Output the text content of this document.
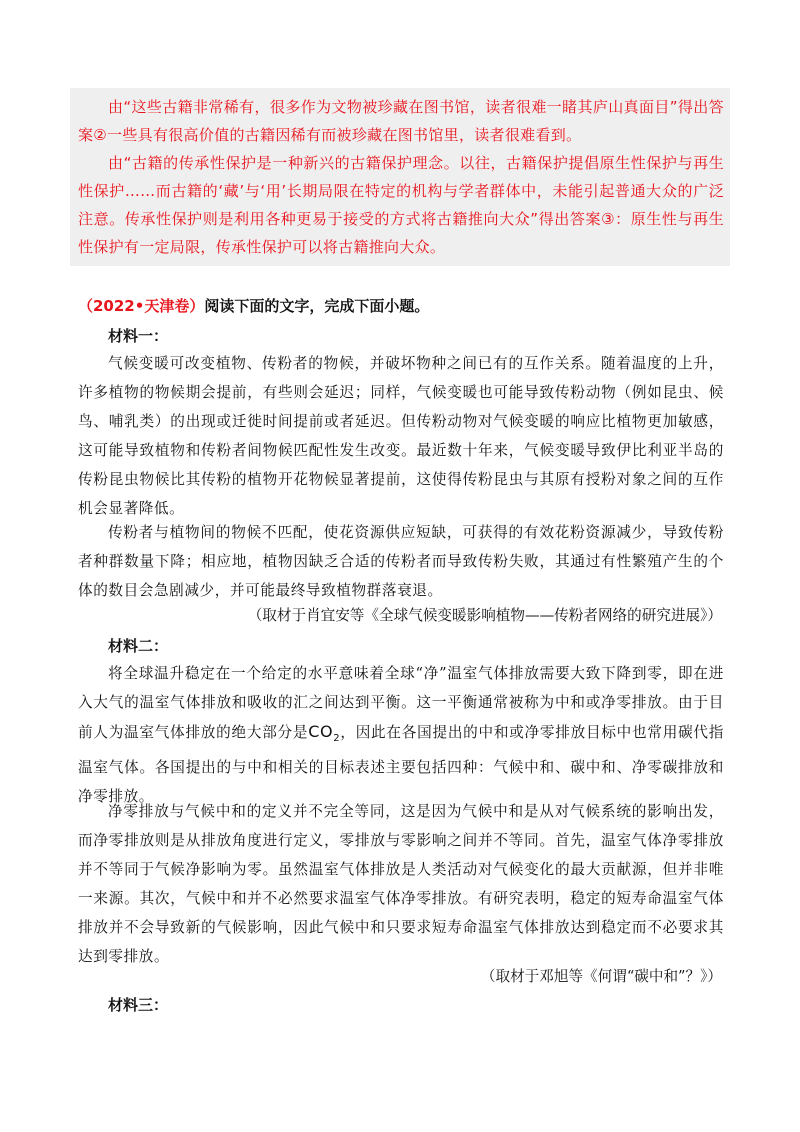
由“这些古籍非常稀有，很多作为文物被珍藏在图书馆，读者很难一睹其庐山真面目”得出答案②一些具有很高价值的古籍因稀有而被珍藏在图书馆里，读者很难看到。

由“古籍的传承性保护是一种新兴的古籍保护理念。以往，古籍保护提倡原生性保护与再生性保护……而古籍的‘藏’与‘用’长期局限在特定的机构与学者群体中，未能引起普通大众的广泛注意。传承性保护则是利用各种更易于接受的方式将古籍推向大众”得出答案③：原生性与再生性保护有一定局限，传承性保护可以将古籍推向大众。

（2022•天津卷）阅读下面的文字，完成下面小题。

材料一：

气候变暖可改变植物、传粉者的物候，并破坏物种之间已有的互作关系。随着温度的上升，许多植物的物候期会提前，有些则会延迟；同样，气候变暖也可能导致传粉动物（例如昆虫、候鸟、哺乳类）的出现或迁徙时间提前或者延迟。但传粉动物对气候变暖的响应比植物更加敏感，这可能导致植物和传粉者间物候匹配性发生改变。最近数十年来，气候变暖导致伊比利亚半岛的传粉昆虫物候比其传粉的植物开花物候显著提前，这使得传粉昆虫与其原有授粉对象之间的互作机会显著降低。

传粉者与植物间的物候不匹配，使花资源供应短缺，可获得的有效花粉资源减少，导致传粉者种群数量下降；相应地，植物因缺乏合适的传粉者而导致传粉失败，其通过有性繁殖产生的个体的数目会急剧减少，并可能最终导致植物群落衰退。

（取材于肖宜安等《全球气候变暖影响植物——传粉者网络的研究进展》）

材料二：

将全球温升稳定在一个给定的水平意味着全球“净”温室气体排放需要大致下降到零，即在进入大气的温室气体排放和吸收的汇之间达到平衡。这一平衡通常被称为中和或净零排放。由于目前人为温室气体排放的绝大部分是$CO_2$，因此在各国提出的中和或净零排放目标中也常用碳代指温室气体。各国提出的与中和相关的目标表述主要包括四种：气候中和、碳中和、净零碳排放和净零排放。

净零排放与气候中和的定义并不完全等同，这是因为气候中和是从对气候系统的影响出发，而净零排放则是从排放角度进行定义，零排放与零影响之间并不等同。首先，温室气体净零排放并不等同于气候净影响为零。虽然温室气体排放是人类活动对气候变化的最大贡献源，但并非唯一来源。其次，气候中和并不必然要求温室气体净零排放。有研究表明，稳定的短寿命温室气体排放并不会导致新的气候影响，因此气候中和只要求短寿命温室气体排放达到稳定而不必要求其达到零排放。

（取材于邓旭等《何谓“碳中和”？》）

材料三：
